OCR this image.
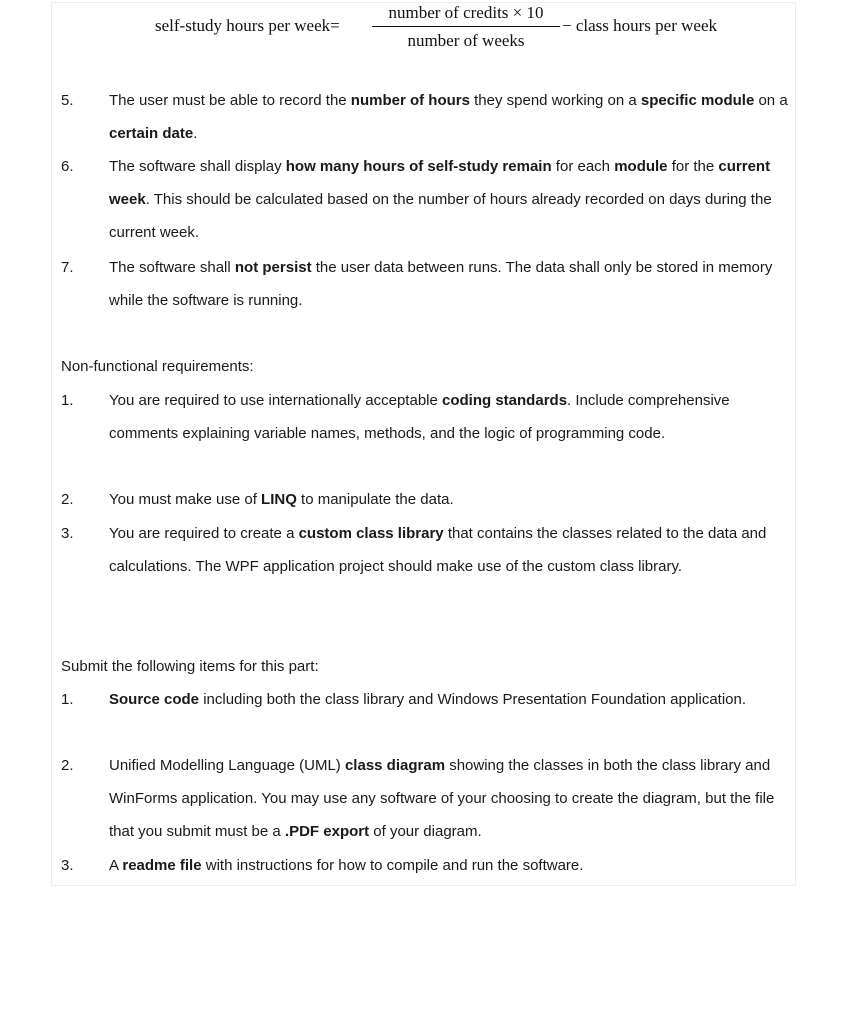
self-study hours per week=
number of credits × 10
number of weeks
− class hours per week
5. The user must be able to record the number of hours they spend working on a specific module on a certain date.
6. The software shall display how many hours of self-study remain for each module for the current week. This should be calculated based on the number of hours already recorded on days during the current week.
7. The software shall not persist the user data between runs. The data shall only be stored in memory while the software is running.
Non-functional requirements:
1. You are required to use internationally acceptable coding standards. Include comprehensive comments explaining variable names, methods, and the logic of programming code.
2. You must make use of LINQ to manipulate the data.
3. You are required to create a custom class library that contains the classes related to the data and calculations. The WPF application project should make use of the custom class library.
Submit the following items for this part:
1. Source code including both the class library and Windows Presentation Foundation application.
2. Unified Modelling Language (UML) class diagram showing the classes in both the class library and WinForms application. You may use any software of your choosing to create the diagram, but the file that you submit must be a .PDF export of your diagram.
3. A readme file with instructions for how to compile and run the software.
